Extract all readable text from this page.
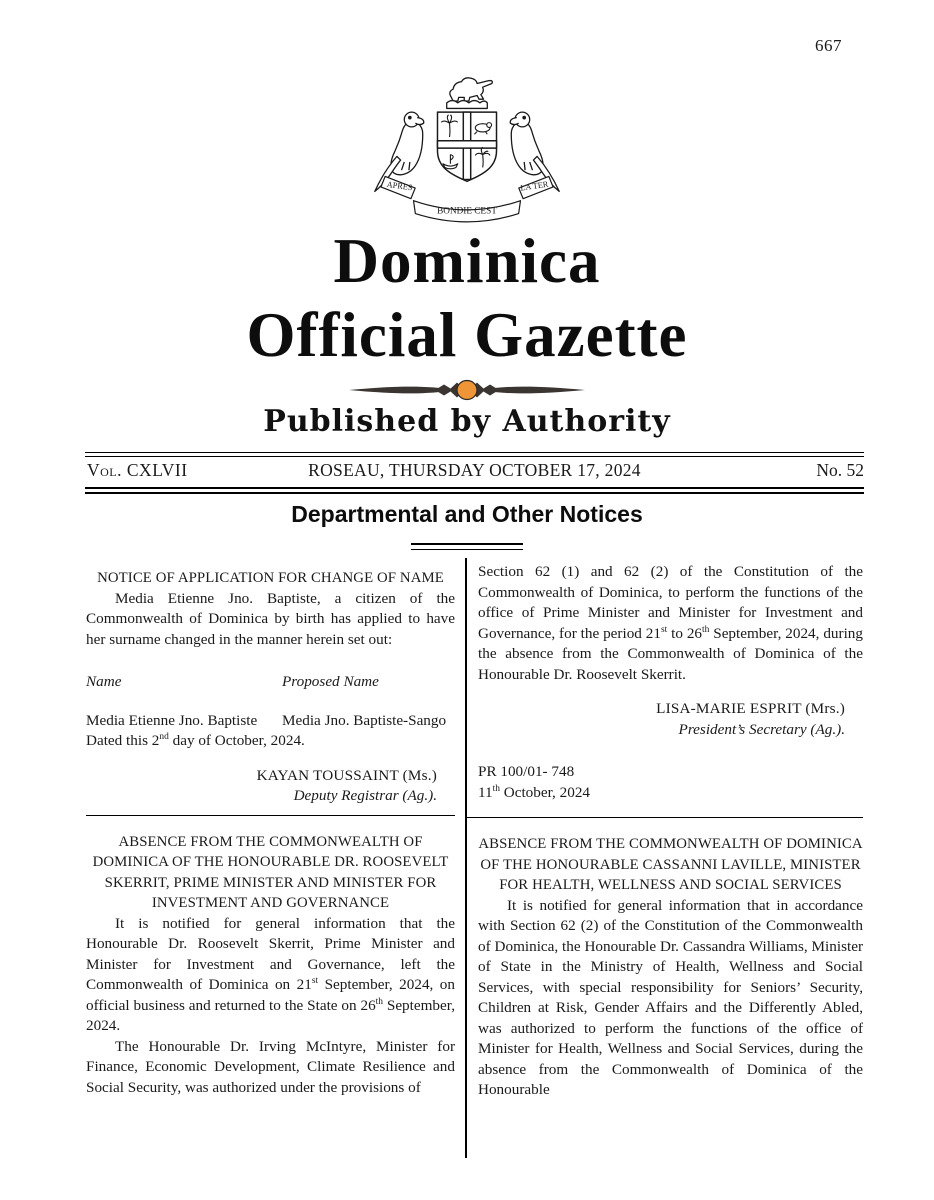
667
APRES	LA TER
BONDIE CEST
Dominica
Official Gazette
Published by Authority
Vol. CXLVII	ROSEAU, THURSDAY OCTOBER 17, 2024	No. 52
Departmental and Other Notices
NOTICE OF APPLICATION FOR CHANGE OF NAME

Media Etienne Jno. Baptiste, a citizen of the Commonwealth of Dominica by birth has applied to have her surname changed in the manner herein set out:

Name	Proposed Name
Media Etienne Jno. Baptiste	Media Jno. Baptiste-Sango

Dated this 2nd day of October, 2024.

KAYAN TOUSSAINT (Ms.)
Deputy Registrar (Ag.).
ABSENCE FROM THE COMMONWEALTH OF DOMINICA OF THE HONOURABLE DR. ROOSEVELT SKERRIT, PRIME MINISTER AND MINISTER FOR INVESTMENT AND GOVERNANCE

It is notified for general information that the Honourable Dr. Roosevelt Skerrit, Prime Minister and Minister for Investment and Governance, left the Commonwealth of Dominica on 21st September, 2024, on official business and returned to the State on 26th September, 2024.

The Honourable Dr. Irving McIntyre, Minister for Finance, Economic Development, Climate Resilience and Social Security, was authorized under the provisions of

Section 62 (1) and 62 (2) of the Constitution of the Commonwealth of Dominica, to perform the functions of the office of Prime Minister and Minister for Investment and Governance, for the period 21st to 26th September, 2024, during the absence from the Commonwealth of Dominica of the Honourable Dr. Roosevelt Skerrit.

LISA-MARIE ESPRIT (Mrs.)
President’s Secretary (Ag.).
PR 100/01- 748
11th October, 2024
ABSENCE FROM THE COMMONWEALTH OF DOMINICA OF THE HONOURABLE CASSANNI LAVILLE, MINISTER FOR HEALTH, WELLNESS AND SOCIAL SERVICES

It is notified for general information that in accordance with Section 62 (2) of the Constitution of the Commonwealth of Dominica, the Honourable Dr. Cassandra Williams, Minister of State in the Ministry of Health, Wellness and Social Services, with special responsibility for Seniors’ Security, Children at Risk, Gender Affairs and the Differently Abled, was authorized to perform the functions of the office of Minister for Health, Wellness and Social Services, during the absence from the Commonwealth of Dominica of the Honourable
